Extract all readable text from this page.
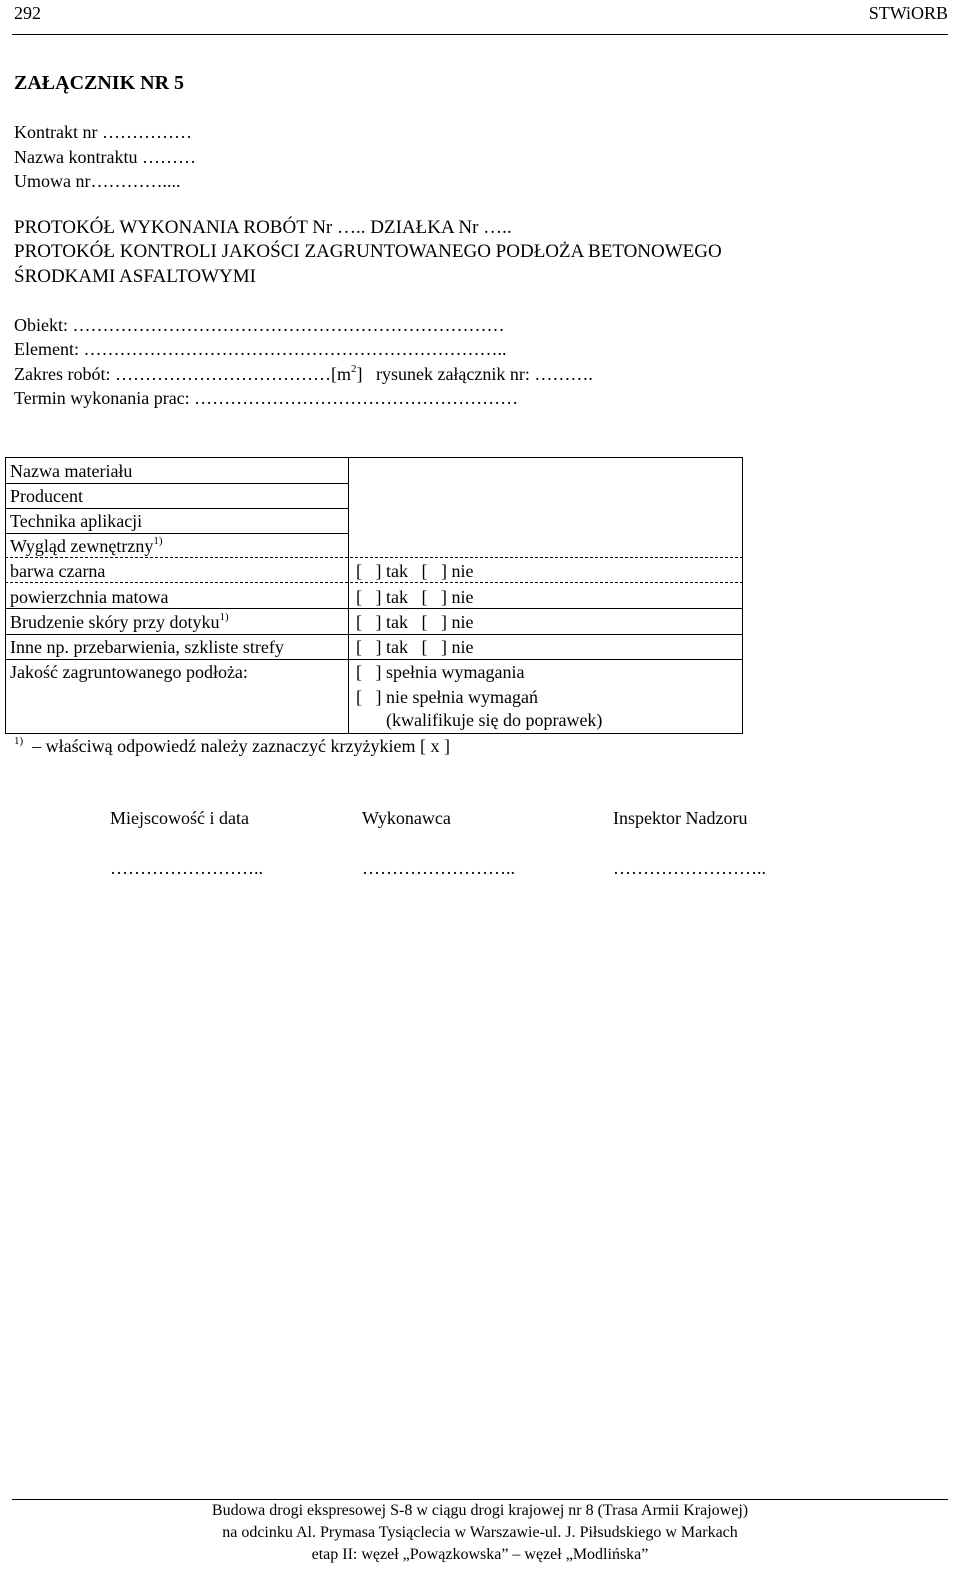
292	STWiORB
ZAŁĄCZNIK NR 5
Kontrakt nr ……………
Nazwa kontraktu ………
Umowa nr…………....
PROTOKÓŁ WYKONANIA ROBÓT Nr ….. DZIAŁKA Nr …..
PROTOKÓŁ KONTROLI JAKOŚCI ZAGRUNTOWANEGO PODŁOŻA BETONOWEGO
ŚRODKAMI ASFALTOWYMI
Obiekt: ………………………………………………………………
Element: ……………………………………………………………..
Zakres robót: $\dots\dots\dots\dots\dots\dots\dots\dots\dots\dots\dots\dots[m^2]$   rysunek załącznik nr: ……….
Termin wykonania prac: ………………………………………………
Nazwa materiału
Producent
Technika aplikacji
Wygląd zewnętrzny$^{1)}$
barwa czarna	[   ] tak   [   ] nie
powierzchnia matowa	[   ] tak   [   ] nie
Brudzenie skóry przy dotyku$^{1)}$	[   ] tak   [   ] nie
Inne np. przebarwienia, szkliste strefy	[   ] tak   [   ] nie
Jakość zagruntowanego podłoża:	[   ] spełnia wymagania
[   ] nie spełnia wymagań
(kwalifikuje się do poprawek)
$^{1)}$  – właściwą odpowiedź należy zaznaczyć krzyżykiem [ x ]
Miejscowość i data	Wykonawca	Inspektor Nadzoru
……………………..	……………………..	……………………..
Budowa drogi ekspresowej S-8 w ciągu drogi krajowej nr 8 (Trasa Armii Krajowej)
na odcinku Al. Prymasa Tysiąclecia w Warszawie-ul. J. Piłsudskiego w Markach
etap II: węzeł „Powązkowska” – węzeł „Modlińska”
